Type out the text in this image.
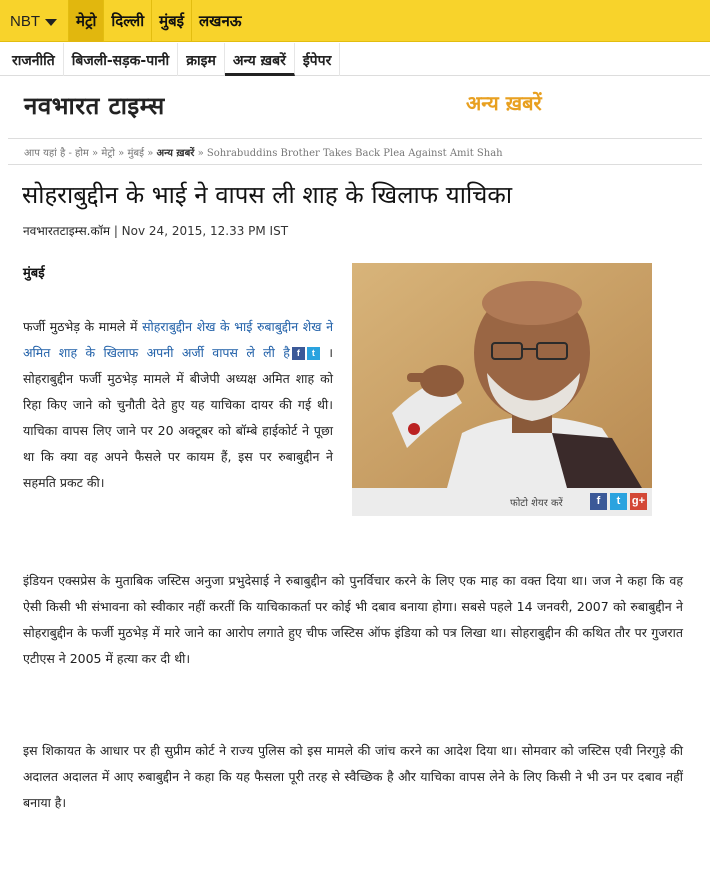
NBT	मेट्रो	दिल्ली	मुंबई	लखनऊ
राजनीति	बिजली-सड़क-पानी	क्राइम	अन्य ख़बरें	ईपेपर
नवभारत टाइम्स	अन्य ख़बरें
आप यहां है - होम » मेट्रो » मुंबई » अन्य ख़बरें » Sohrabuddins Brother Takes Back Plea Against Amit Shah
सोहराबुद्दीन के भाई ने वापस ली शाह के खिलाफ याचिका
नवभारतटाइम्स.कॉम | Nov 24, 2015, 12.33 PM IST
मुंबई

फर्जी मुठभेड़ के मामले में सोहराबुद्दीन शेख के भाई रुबाबुद्दीन शेख ने अमित शाह के खिलाफ अपनी अर्जी वापस ले ली है f t । सोहराबुद्दीन फर्जी मुठभेड़ मामले में बीजेपी अध्यक्ष अमित शाह को रिहा किए जाने को चुनौती देते हुए यह याचिका दायर की गई थी। याचिका वापस लिए जाने पर 20 अक्टूबर को बॉम्बे हाईकोर्ट ने पूछा था कि क्या वह अपने फैसले पर कायम हैं, इस पर रुबाबुद्दीन ने सहमति प्रकट की।

फोटो शेयर करें	f	t	g+

इंडियन एक्सप्रेस के मुताबिक जस्टिस अनुजा प्रभुदेसाई ने रुबाबुद्दीन को पुनर्विचार करने के लिए एक माह का वक्त दिया था। जज ने कहा कि वह ऐसी किसी भी संभावना को स्वीकार नहीं करतीं कि याचिकाकर्ता पर कोई भी दबाव बनाया होगा। सबसे पहले 14 जनवरी, 2007 को रुबाबुद्दीन ने सोहराबुद्दीन के फर्जी मुठभेड़ में मारे जाने का आरोप लगाते हुए चीफ जस्टिस ऑफ इंडिया को पत्र लिखा था। सोहराबुद्दीन की कथित तौर पर गुजरात एटीएस ने 2005 में हत्या कर दी थी।

इस शिकायत के आधार पर ही सुप्रीम कोर्ट ने राज्य पुलिस को इस मामले की जांच करने का आदेश दिया था। सोमवार को जस्टिस एवी निरगुड़े की अदालत अदालत में आए रुबाबुद्दीन ने कहा कि यह फैसला पूरी तरह से स्वैच्छिक है और याचिका वापस लेने के लिए किसी ने भी उन पर दबाव नहीं बनाया है।
